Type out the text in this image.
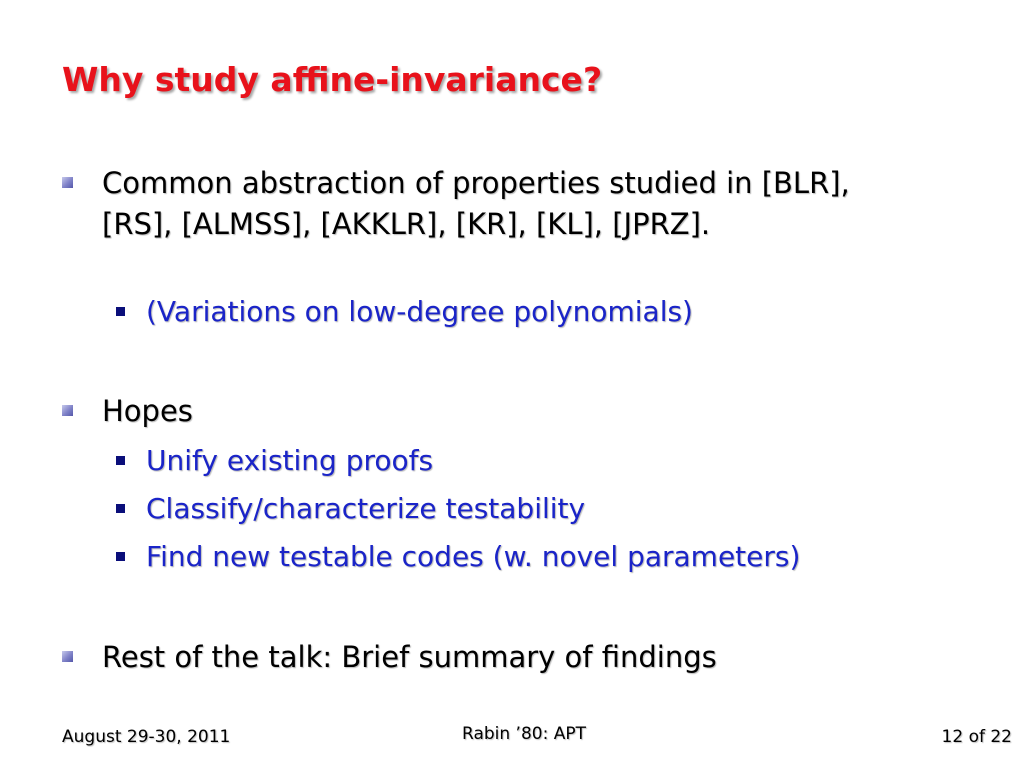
Why study affine-invariance?
Common abstraction of properties studied in [BLR], [RS], [ALMSS], [AKKLR], [KR], [KL], [JPRZ].
(Variations on low-degree polynomials)
Hopes
Unify existing proofs
Classify/characterize testability
Find new testable codes (w. novel parameters)
Rest of the talk: Brief summary of findings
August 29-30, 2011	Rabin ’80: APT	12 of 22
